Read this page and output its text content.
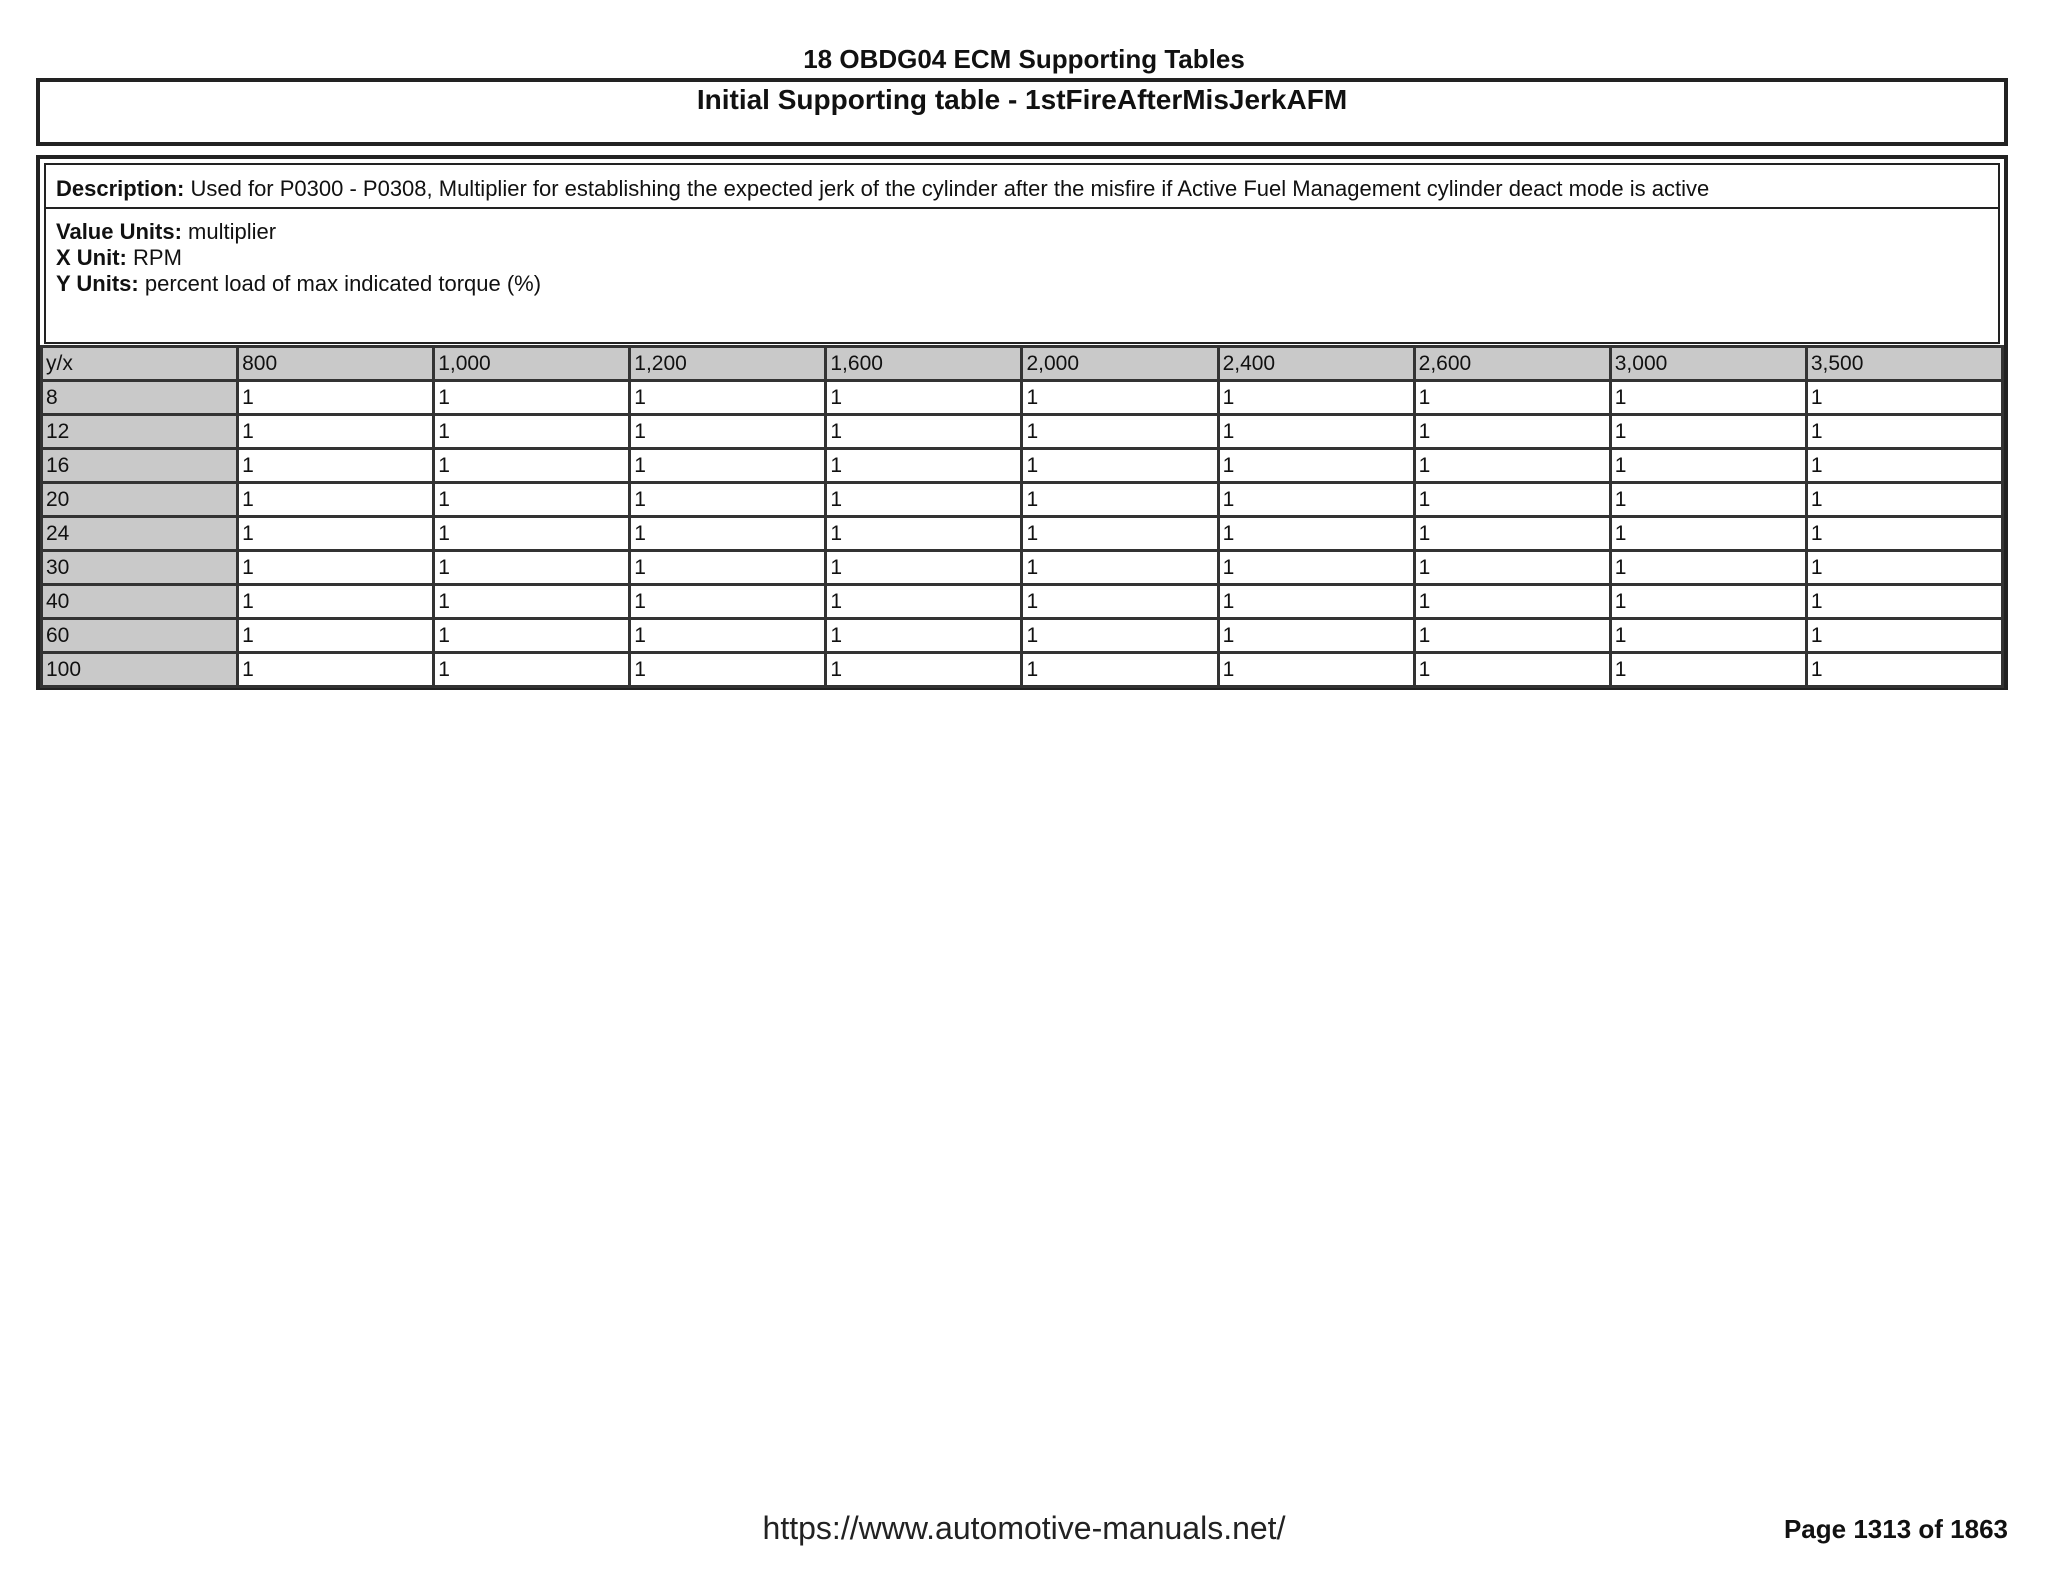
18 OBDG04 ECM Supporting Tables
Initial Supporting table - 1stFireAfterMisJerkAFM
Description: Used for P0300 - P0308, Multiplier for establishing the expected jerk of the cylinder after the misfire if Active Fuel Management cylinder deact mode is active
Value Units: multiplier
X Unit: RPM
Y Units: percent load of max indicated torque (%)
y/x	800	1,000	1,200	1,600	2,000	2,400	2,600	3,000	3,500
8	1	1	1	1	1	1	1	1	1
12	1	1	1	1	1	1	1	1	1
16	1	1	1	1	1	1	1	1	1
20	1	1	1	1	1	1	1	1	1
24	1	1	1	1	1	1	1	1	1
30	1	1	1	1	1	1	1	1	1
40	1	1	1	1	1	1	1	1	1
60	1	1	1	1	1	1	1	1	1
100	1	1	1	1	1	1	1	1	1
https://www.automotive-manuals.net/	Page 1313 of 1863
